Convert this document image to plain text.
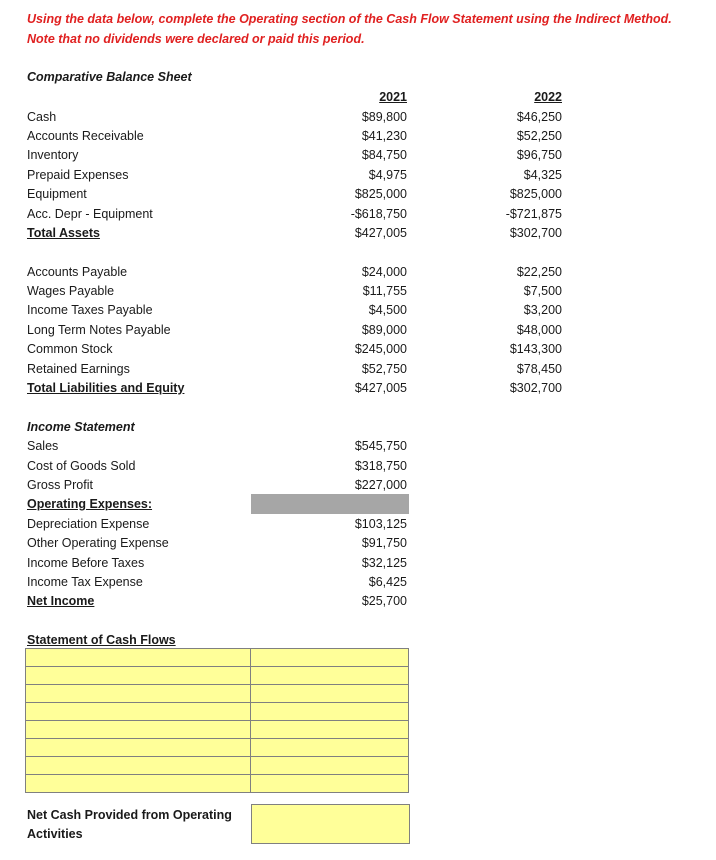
Using the data below, complete the Operating section of the Cash Flow Statement using the Indirect Method.
Note that no dividends were declared or paid this period.
Comparative Balance Sheet
2021	2022
Cash	$89,800	$46,250
Accounts Receivable	$41,230	$52,250
Inventory	$84,750	$96,750
Prepaid Expenses	$4,975	$4,325
Equipment	$825,000	$825,000
Acc. Depr - Equipment	-$618,750	-$721,875
Total Assets	$427,005	$302,700
Accounts Payable	$24,000	$22,250
Wages Payable	$11,755	$7,500
Income Taxes Payable	$4,500	$3,200
Long Term Notes Payable	$89,000	$48,000
Common Stock	$245,000	$143,300
Retained Earnings	$52,750	$78,450
Total Liabilities and Equity	$427,005	$302,700
Income Statement
Sales	$545,750
Cost of Goods Sold	$318,750
Gross Profit	$227,000
Operating Expenses:
Depreciation Expense	$103,125
Other Operating Expense	$91,750
Income Before Taxes	$32,125
Income Tax Expense	$6,425
Net Income	$25,700
Statement of Cash Flows

Net Cash Provided from Operating Activities
